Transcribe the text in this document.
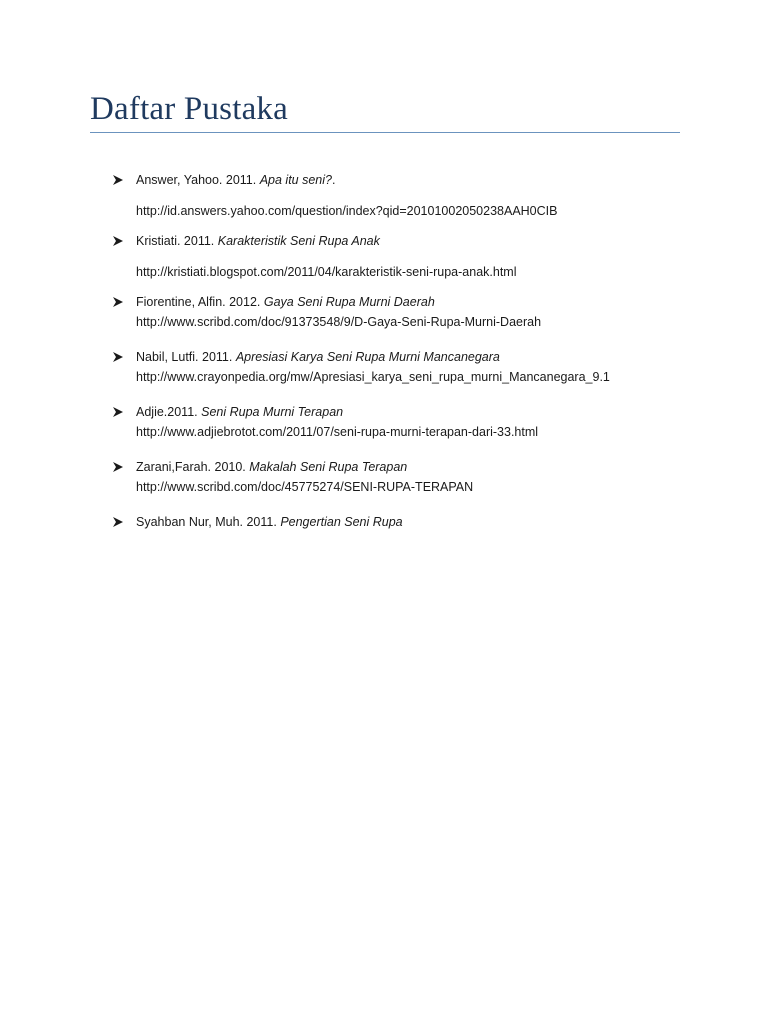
Daftar Pustaka
Answer, Yahoo. 2011. Apa itu seni?.
http://id.answers.yahoo.com/question/index?qid=20101002050238AAH0CIB
Kristiati. 2011. Karakteristik Seni Rupa Anak
http://kristiati.blogspot.com/2011/04/karakteristik-seni-rupa-anak.html
Fiorentine, Alfin. 2012. Gaya Seni Rupa Murni Daerah
http://www.scribd.com/doc/91373548/9/D-Gaya-Seni-Rupa-Murni-Daerah
Nabil, Lutfi. 2011. Apresiasi Karya Seni Rupa Murni Mancanegara
http://www.crayonpedia.org/mw/Apresiasi_karya_seni_rupa_murni_Mancanegara_9.1
Adjie.2011. Seni Rupa Murni Terapan
http://www.adjiebrotot.com/2011/07/seni-rupa-murni-terapan-dari-33.html
Zarani,Farah. 2010. Makalah Seni Rupa Terapan
http://www.scribd.com/doc/45775274/SENI-RUPA-TERAPAN
Syahban Nur, Muh. 2011. Pengertian Seni Rupa
